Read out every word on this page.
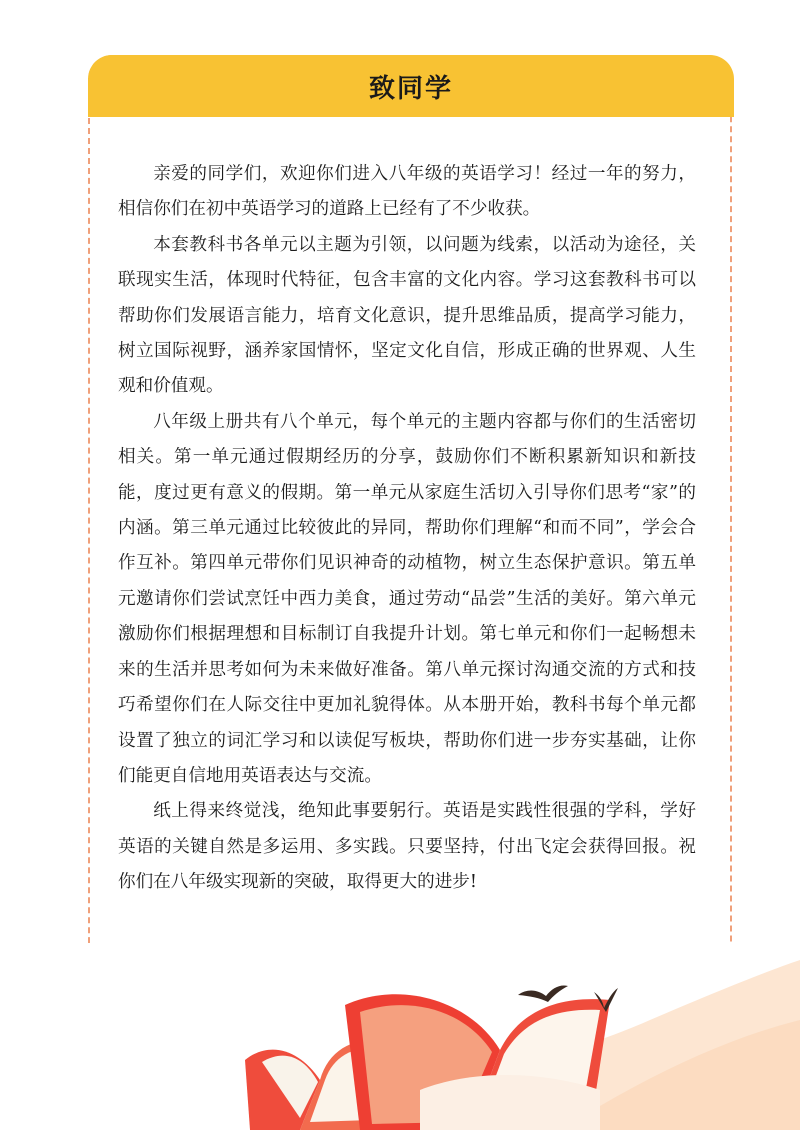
致同学

亲爱的同学们，欢迎你们进入八年级的英语学习！经过一年的努力，相信你们在初中英语学习的道路上已经有了不少收获。

本套教科书各单元以主题为引领，以问题为线索，以活动为途径，关联现实生活，体现时代特征，包含丰富的文化内容。学习这套教科书可以帮助你们发展语言能力，培育文化意识，提升思维品质，提高学习能力，树立国际视野，涵养家国情怀，坚定文化自信，形成正确的世界观、人生观和价值观。

八年级上册共有八个单元，每个单元的主题内容都与你们的生活密切相关。第一单元通过假期经历的分享，鼓励你们不断积累新知识和新技能，度过更有意义的假期。第一单元从家庭生活切入引导你们思考“家”的内涵。第三单元通过比较彼此的异同，帮助你们理解“和而不同”，学会合作互补。第四单元带你们见识神奇的动植物，树立生态保护意识。第五单元邀请你们尝试烹饪中西力美食，通过劳动“品尝”生活的美好。第六单元激励你们根据理想和目标制订自我提升计划。第七单元和你们一起畅想未来的生活并思考如何为未来做好准备。第八单元探讨沟通交流的方式和技巧希望你们在人际交往中更加礼貌得体。从本册开始，教科书每个单元都设置了独立的词汇学习和以读促写板块，帮助你们进一步夯实基础，让你们能更自信地用英语表达与交流。

纸上得来终觉浅，绝知此事要躬行。英语是实践性很强的学科，学好英语的关键自然是多运用、多实践。只要坚持，付出飞定会获得回报。祝你们在八年级实现新的突破，取得更大的进步!
